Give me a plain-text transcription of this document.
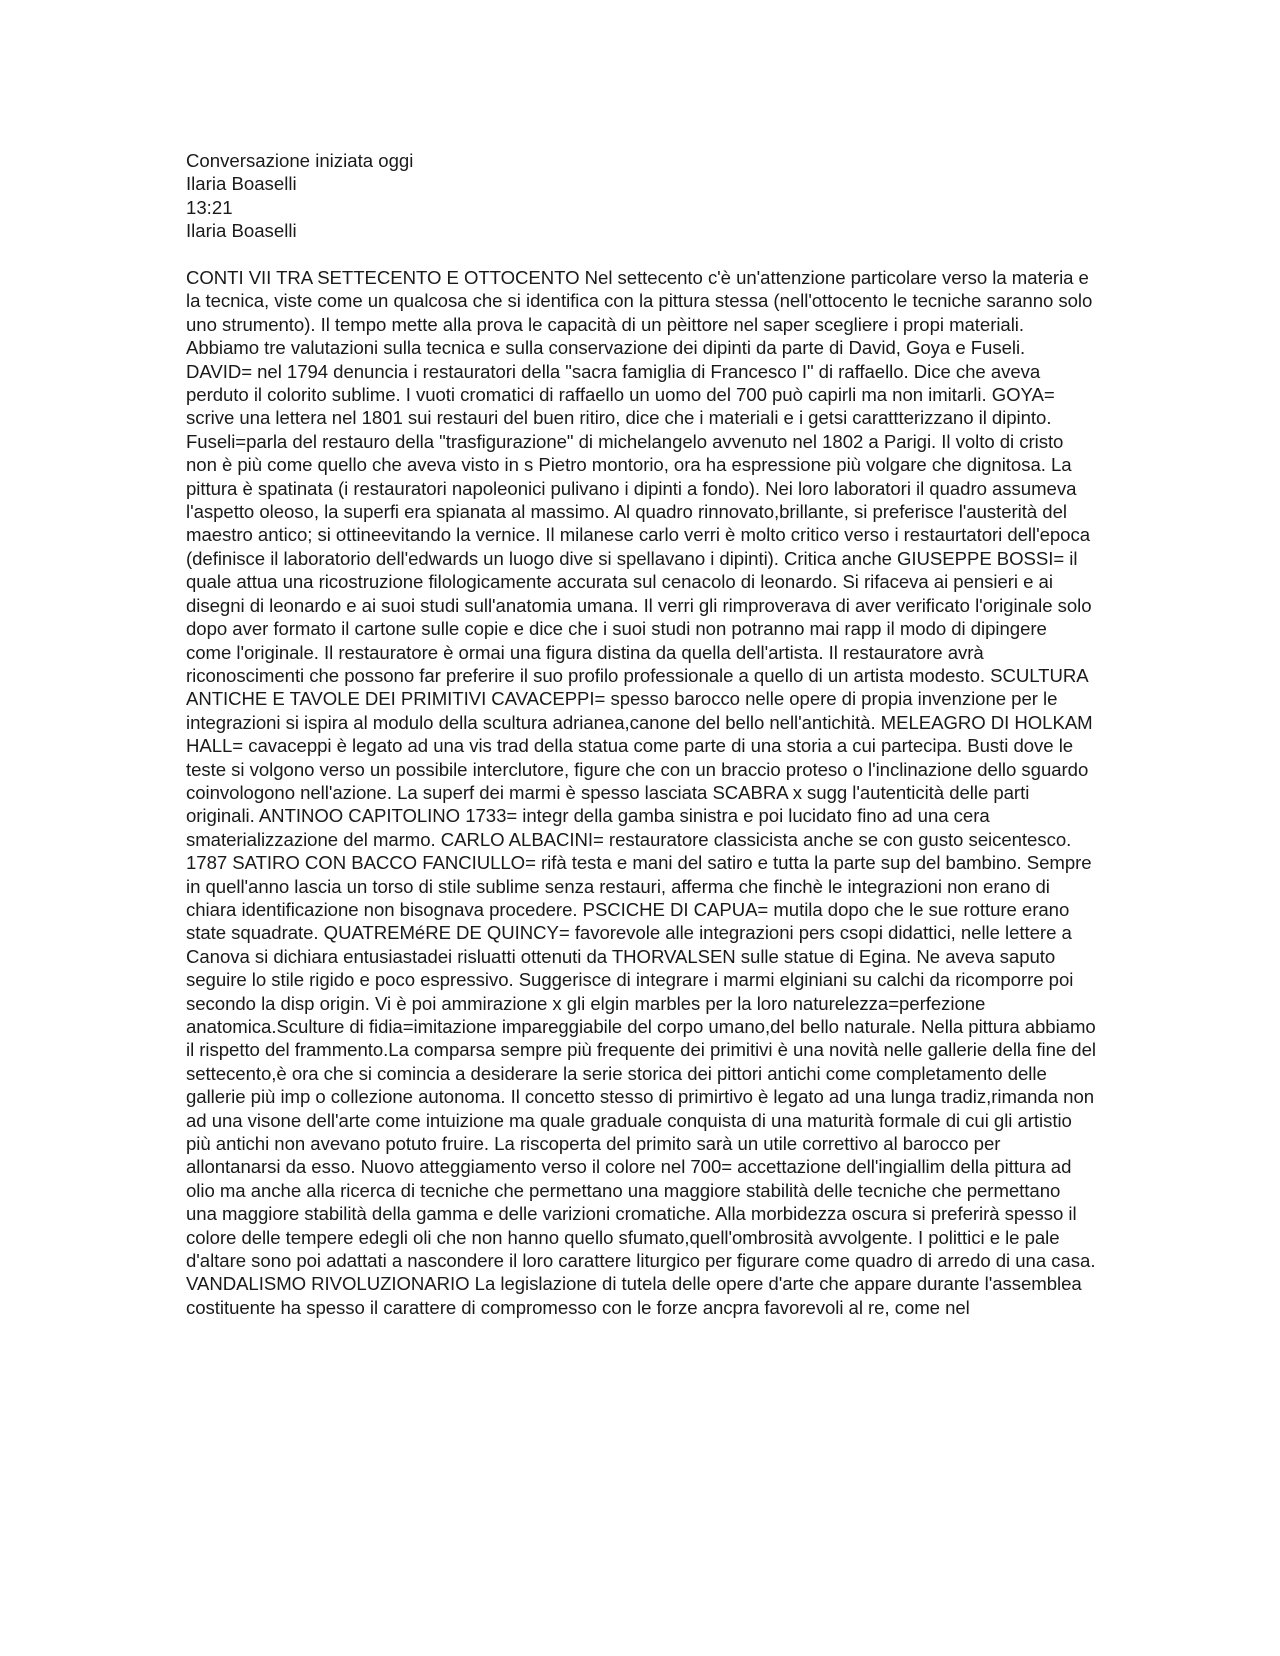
Conversazione iniziata oggi
Ilaria Boaselli
13:21
Ilaria Boaselli

CONTI VII TRA SETTECENTO E OTTOCENTO Nel settecento c'è un'attenzione particolare verso la materia e la tecnica, viste come un qualcosa che si identifica con la pittura stessa (nell'ottocento le tecniche saranno solo uno strumento). Il tempo mette alla prova le capacità di un pèittore nel saper scegliere i propi materiali. Abbiamo tre valutazioni sulla tecnica e sulla conservazione dei dipinti da parte di David, Goya e Fuseli. DAVID= nel 1794 denuncia i restauratori della "sacra famiglia di Francesco I" di raffaello. Dice che aveva perduto il colorito sublime. I vuoti cromatici di raffaello un uomo del 700 può capirli ma non imitarli. GOYA= scrive una lettera nel 1801 sui restauri del buen ritiro, dice che i materiali e i getsi carattterizzano il dipinto. Fuseli=parla del restauro della "trasfigurazione" di michelangelo avvenuto nel 1802 a Parigi. Il volto di cristo non è più come quello che aveva visto in s Pietro montorio, ora ha espressione più volgare che dignitosa. La pittura è spatinata (i restauratori napoleonici pulivano i dipinti a fondo). Nei loro laboratori il quadro assumeva l'aspetto oleoso, la superfi era spianata al massimo. Al quadro rinnovato,brillante, si preferisce l'austerità del maestro antico; si ottineevitando la vernice. Il milanese carlo verri è molto critico verso i restaurtatori dell'epoca (definisce il laboratorio dell'edwards un luogo dive si spellavano i dipinti). Critica anche GIUSEPPE BOSSI= il quale attua una ricostruzione filologicamente accurata sul cenacolo di leonardo. Si rifaceva ai pensieri e ai disegni di leonardo e ai suoi studi sull'anatomia umana. Il verri gli rimproverava di aver verificato l'originale solo dopo aver formato il cartone sulle copie e dice che i suoi studi non potranno mai rapp il modo di dipingere come l'originale. Il restauratore è ormai una figura distina da quella dell'artista. Il restauratore avrà riconoscimenti che possono far preferire il suo profilo professionale a quello di un artista modesto. SCULTURA ANTICHE E TAVOLE DEI PRIMITIVI CAVACEPPI= spesso barocco nelle opere di propia invenzione per le integrazioni si ispira al modulo della scultura adrianea,canone del bello nell'antichità. MELEAGRO DI HOLKAM HALL= cavaceppi è legato ad una vis trad della statua come parte di una storia a cui partecipa. Busti dove le teste si volgono verso un possibile interclutore, figure che con un braccio proteso o l'inclinazione dello sguardo coinvologono nell'azione. La superf dei marmi è spesso lasciata SCABRA x sugg l'autenticità delle parti originali. ANTINOO CAPITOLINO 1733= integr della gamba sinistra e poi lucidato fino ad una cera smaterializzazione del marmo. CARLO ALBACINI= restauratore classicista anche se con gusto seicentesco. 1787 SATIRO CON BACCO FANCIULLO= rifà testa e mani del satiro e tutta la parte sup del bambino. Sempre in quell'anno lascia un torso di stile sublime senza restauri, afferma che finchè le integrazioni non erano di chiara identificazione non bisognava procedere. PSCICHE DI CAPUA= mutila dopo che le sue rotture erano state squadrate. QUATREMéRE DE QUINCY= favorevole alle integrazioni pers csopi didattici, nelle lettere a Canova si dichiara entusiastadei risluatti ottenuti da THORVALSEN sulle statue di Egina. Ne aveva saputo seguire lo stile rigido e poco espressivo. Suggerisce di integrare i marmi elginiani su calchi da ricomporre poi secondo la disp origin. Vi è poi ammirazione x gli elgin marbles per la loro naturelezza=perfezione anatomica.Sculture di fidia=imitazione impareggiabile del corpo umano,del bello naturale. Nella pittura abbiamo il rispetto del frammento.La comparsa sempre più frequente dei primitivi è una novità nelle gallerie della fine del settecento,è ora che si comincia a desiderare la serie storica dei pittori antichi come completamento delle gallerie più imp o collezione autonoma. Il concetto stesso di primirtivo è legato ad una lunga tradiz,rimanda non ad una visone dell'arte come intuizione ma quale graduale conquista di una maturità formale di cui gli artistio più antichi non avevano potuto fruire. La riscoperta del primito sarà un utile correttivo al barocco per allontanarsi da esso. Nuovo atteggiamento verso il colore nel 700= accettazione dell'ingiallim della pittura ad olio ma anche alla ricerca di tecniche che permettano una maggiore stabilità delle tecniche che permettano una maggiore stabilità della gamma e delle varizioni cromatiche. Alla morbidezza oscura si preferirà spesso il colore delle tempere edegli oli che non hanno quello sfumato,quell'ombrosità avvolgente. I polittici e le pale d'altare sono poi adattati a nascondere il loro carattere liturgico per figurare come quadro di arredo di una casa. VANDALISMO RIVOLUZIONARIO La legislazione di tutela delle opere d'arte che appare durante l'assemblea costituente ha spesso il carattere di compromesso con le forze ancpra favorevoli al re, come nel
